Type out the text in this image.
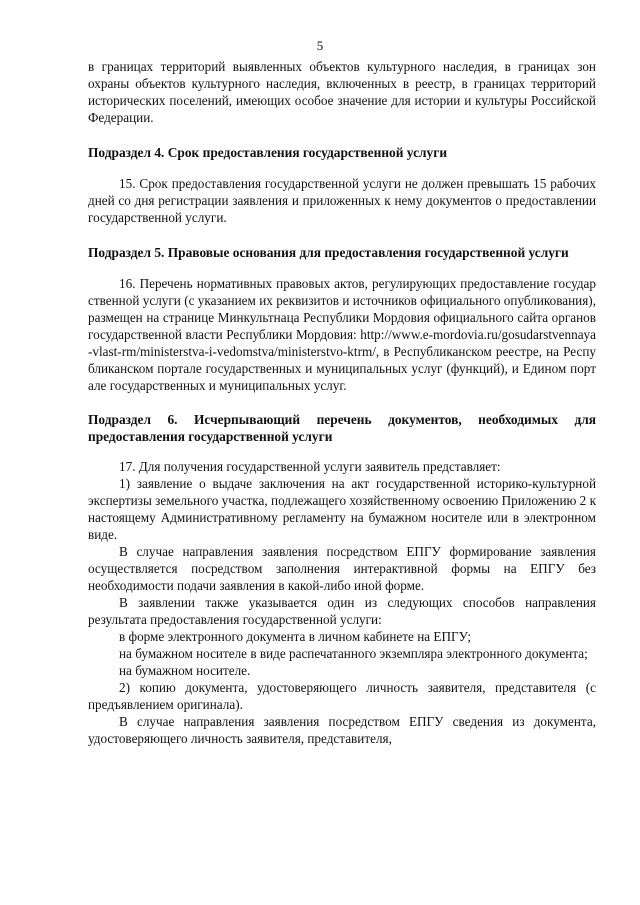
5

в границах территорий выявленных объектов культурного наследия, в границах зон охраны объектов культурного наследия, включенных в реестр, в границах территорий исторических поселений, имеющих особое значение для истории и культуры Российской Федерации.

Подраздел 4. Срок предоставления государственной услуги

15. Срок предоставления государственной услуги не должен превышать 15 рабочих дней со дня регистрации заявления и приложенных к нему документов о предоставлении государственной услуги.

Подраздел 5. Правовые основания для предоставления государственной услуги

16. Перечень нормативных правовых актов, регулирующих предоставление государственной услуги (с указанием их реквизитов и источников официального опубликования), размещен на странице Минкультнаца Республики Мордовия официального сайта органов государственной власти Республики Мордовия: http://www.e-mordovia.ru/gosudarstvennaya-vlast-rm/ministerstva-i-vedomstva/ministerstvo-ktrm/, в Республиканском реестре, на Республиканском портале государственных и муниципальных услуг (функций), и Едином портале государственных и муниципальных услуг.

Подраздел 6. Исчерпывающий перечень документов, необходимых для предоставления государственной услуги

17. Для получения государственной услуги заявитель представляет:

1) заявление о выдаче заключения на акт государственной историко-культурной экспертизы земельного участка, подлежащего хозяйственному освоению Приложению 2 к настоящему Административному регламенту на бумажном носителе или в электронном виде.

В случае направления заявления посредством ЕПГУ формирование заявления осуществляется посредством заполнения интерактивной формы на ЕПГУ без необходимости подачи заявления в какой-либо иной форме.

В заявлении также указывается один из следующих способов направления результата предоставления государственной услуги:

в форме электронного документа в личном кабинете на ЕПГУ;

на бумажном носителе в виде распечатанного экземпляра электронного документа;

на бумажном носителе.

2) копию документа, удостоверяющего личность заявителя, представителя (с предъявлением оригинала).

В случае направления заявления посредством ЕПГУ сведения из документа, удостоверяющего личность заявителя, представителя,
